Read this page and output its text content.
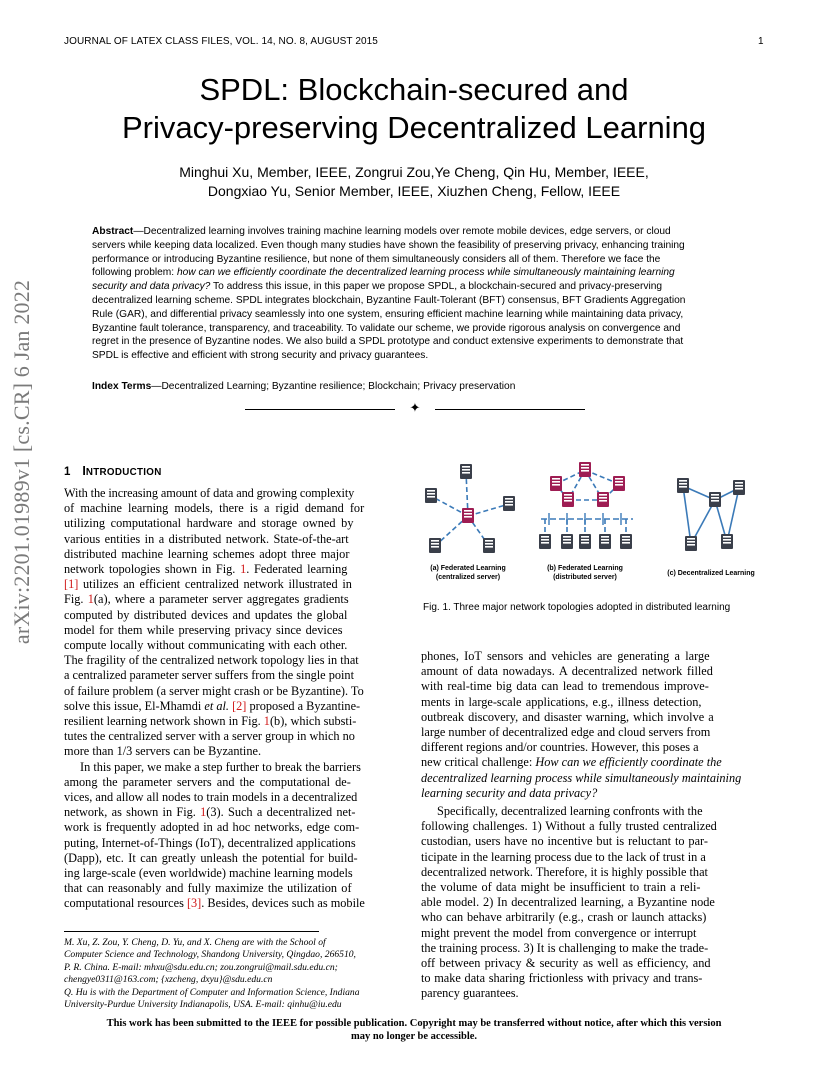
JOURNAL OF LATEX CLASS FILES, VOL. 14, NO. 8, AUGUST 2015	1
arXiv:2201.01989v1 [cs.CR] 6 Jan 2022
SPDL: Blockchain-secured and
Privacy-preserving Decentralized Learning
Minghui Xu, Member, IEEE, Zongrui Zou,Ye Cheng, Qin Hu, Member, IEEE,
Dongxiao Yu, Senior Member, IEEE, Xiuzhen Cheng, Fellow, IEEE
Abstract—Decentralized learning involves training machine learning models over remote mobile devices, edge servers, or cloud
servers while keeping data localized. Even though many studies have shown the feasibility of preserving privacy, enhancing training
performance or introducing Byzantine resilience, but none of them simultaneously considers all of them. Therefore we face the
following problem: how can we efficiently coordinate the decentralized learning process while simultaneously maintaining learning
security and data privacy? To address this issue, in this paper we propose SPDL, a blockchain-secured and privacy-preserving
decentralized learning scheme. SPDL integrates blockchain, Byzantine Fault-Tolerant (BFT) consensus, BFT Gradients Aggregation
Rule (GAR), and differential privacy seamlessly into one system, ensuring efficient machine learning while maintaining data privacy,
Byzantine fault tolerance, transparency, and traceability. To validate our scheme, we provide rigorous analysis on convergence and
regret in the presence of Byzantine nodes. We also build a SPDL prototype and conduct extensive experiments to demonstrate that
SPDL is effective and efficient with strong security and privacy guarantees.
Index Terms—Decentralized Learning; Byzantine resilience; Blockchain; Privacy preservation
✦
1 INTRODUCTION
With the increasing amount of data and growing complexity
of machine learning models, there is a rigid demand for
utilizing computational hardware and storage owned by
various entities in a distributed network. State-of-the-art
distributed machine learning schemes adopt three major
network topologies shown in Fig. 1. Federated learning
[1] utilizes an efficient centralized network illustrated in
Fig. 1(a), where a parameter server aggregates gradients
computed by distributed devices and updates the global
model for them while preserving privacy since devices
compute locally without communicating with each other.
The fragility of the centralized network topology lies in that
a centralized parameter server suffers from the single point
of failure problem (a server might crash or be Byzantine). To
solve this issue, El-Mhamdi et al. [2] proposed a Byzantine-
resilient learning network shown in Fig. 1(b), which substi-
tutes the centralized server with a server group in which no
more than 1/3 servers can be Byzantine.
In this paper, we make a step further to break the barriers
among the parameter servers and the computational de-
vices, and allow all nodes to train models in a decentralized
network, as shown in Fig. 1(3). Such a decentralized net-
work is frequently adopted in ad hoc networks, edge com-
puting, Internet-of-Things (IoT), decentralized applications
(Dapp), etc. It can greatly unleash the potential for build-
ing large-scale (even worldwide) machine learning models
that can reasonably and fully maximize the utilization of
computational resources [3]. Besides, devices such as mobile
(a) Federated Learning
(centralized server)
(b) Federated Learning
(distributed server)
(c) Decentralized Learning
Fig. 1. Three major network topologies adopted in distributed learning
phones, IoT sensors and vehicles are generating a large
amount of data nowadays. A decentralized network filled
with real-time big data can lead to tremendous improve-
ments in large-scale applications, e.g., illness detection,
outbreak discovery, and disaster warning, which involve a
large number of decentralized edge and cloud servers from
different regions and/or countries. However, this poses a
new critical challenge: How can we efficiently coordinate the
decentralized learning process while simultaneously maintaining
learning security and data privacy?
Specifically, decentralized learning confronts with the
following challenges. 1) Without a fully trusted centralized
custodian, users have no incentive but is reluctant to par-
ticipate in the learning process due to the lack of trust in a
decentralized network. Therefore, it is highly possible that
the volume of data might be insufficient to train a reli-
able model. 2) In decentralized learning, a Byzantine node
who can behave arbitrarily (e.g., crash or launch attacks)
might prevent the model from convergence or interrupt
the training process. 3) It is challenging to make the trade-
off between privacy & security as well as efficiency, and
to make data sharing frictionless with privacy and trans-
parency guarantees.
M. Xu, Z. Zou, Y. Cheng, D. Yu, and X. Cheng are with the School of
Computer Science and Technology, Shandong University, Qingdao, 266510,
P. R. China. E-mail: mhxu@sdu.edu.cn; zou.zongrui@mail.sdu.edu.cn;
chengye0311@163.com; {xzcheng, dxyu}@sdu.edu.cn
Q. Hu is with the Department of Computer and Information Science, Indiana
University-Purdue University Indianapolis, USA. E-mail: qinhu@iu.edu
This work has been submitted to the IEEE for possible publication. Copyright may be transferred without notice, after which this version
may no longer be accessible.
